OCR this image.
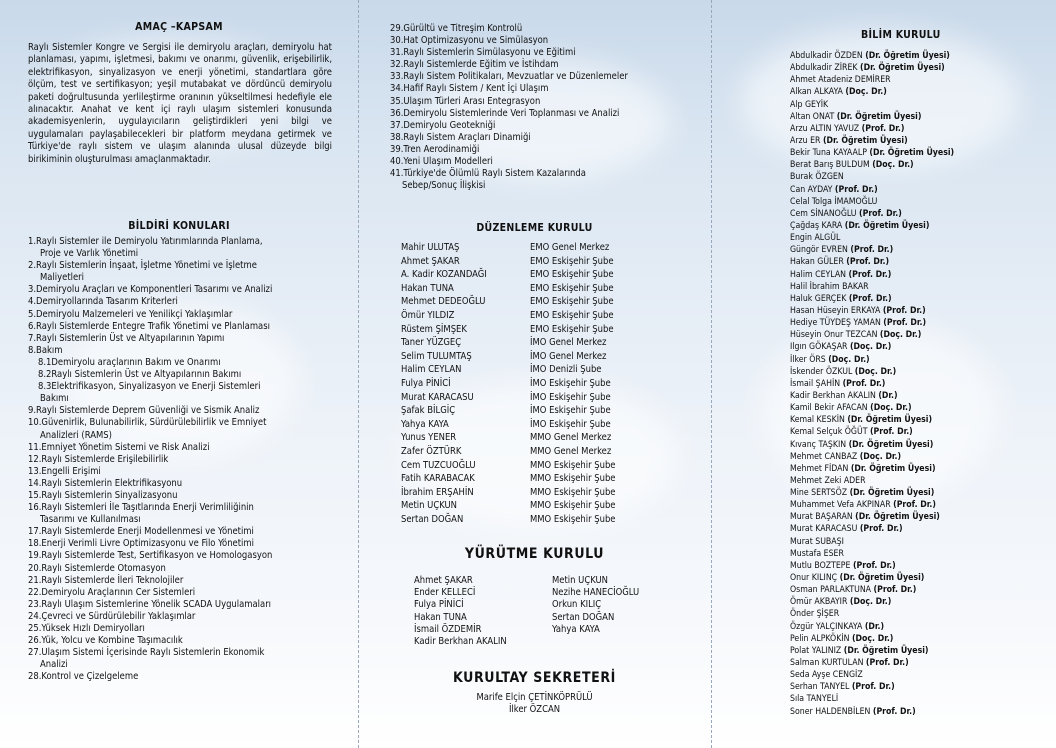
AMAÇ –KAPSAM
Raylı Sistemler Kongre ve Sergisi ile demiryolu araçları, demiryolu hat planlaması, yapımı, işletmesi, bakımı ve onarımı, güvenlik, erişebilirlik, elektrifikasyon, sinyalizasyon ve enerji yönetimi, standartlara göre ölçüm, test ve sertifikasyon; yeşil mutabakat ve dördüncü demiryolu paketi doğrultusunda yerlileştirme oranının yükseltilmesi hedefiyle ele alınacaktır. Anahat ve kent içi raylı ulaşım sistemleri konusunda akademisyenlerin, uygulayıcıların geliştirdikleri yeni bilgi ve uygulamaları paylaşabilecekleri bir platform meydana getirmek ve Türkiye'de raylı sistem ve ulaşım alanında ulusal düzeyde bilgi birikiminin oluşturulması amaçlanmaktadır.
BİLDİRİ KONULARI
1.Raylı Sistemler ile Demiryolu Yatırımlarında Planlama,
Proje ve Varlık Yönetimi
2.Raylı Sistemlerin İnşaat, İşletme Yönetimi ve İşletme
Maliyetleri
3.Demiryolu Araçları ve Komponentleri Tasarımı ve Analizi
4.Demiryollarında Tasarım Kriterleri
5.Demiryolu Malzemeleri ve Yenilikçi Yaklaşımlar
6.Raylı Sistemlerde Entegre Trafik Yönetimi ve Planlaması
7.Raylı Sistemlerin Üst ve Altyapılarının Yapımı
8.Bakım
8.1Demiryolu araçlarının Bakım ve Onarımı
8.2Raylı Sistemlerin Üst ve Altyapılarının Bakımı
8.3Elektrifikasyon, Sinyalizasyon ve Enerji Sistemleri
Bakımı
9.Raylı Sistemlerde Deprem Güvenliği ve Sismik Analiz
10.Güvenirlik, Bulunabilirlik, Sürdürülebilirlik ve Emniyet
Analizleri (RAMS)
11.Emniyet Yönetim Sistemi ve Risk Analizi
12.Raylı Sistemlerde Erişilebilirlik
13.Engelli Erişimi
14.Raylı Sistemlerin Elektrifikasyonu
15.Raylı Sistemlerin Sinyalizasyonu
16.Raylı Sistemleri İle Taşıtlarında Enerji Verimliliğinin
Tasarımı ve Kullanılması
17.Raylı Sistemlerde Enerji Modellenmesi ve Yönetimi
18.Enerji Verimli Livre Optimizasyonu ve Filo Yönetimi
19.Raylı Sistemlerde Test, Sertifikasyon ve Homologasyon
20.Raylı Sistemlerde Otomasyon
21.Raylı Sistemlerde İleri Teknolojiler
22.Demiryolu Araçlarının Cer Sistemleri
23.Raylı Ulaşım Sistemlerine Yönelik SCADA Uygulamaları
24.Çevreci ve Sürdürülebilir Yaklaşımlar
25.Yüksek Hızlı Demiryolları
26.Yük, Yolcu ve Kombine Taşımacılık
27.Ulaşım Sistemi İçerisinde Raylı Sistemlerin Ekonomik
Analizi
28.Kontrol ve Çizelgeleme
29.Gürültü ve Titreşim Kontrolü
30.Hat Optimizasyonu ve Simülasyon
31.Raylı Sistemlerin Simülasyonu ve Eğitimi
32.Raylı Sistemlerde Eğitim ve İstihdam
33.Raylı Sistem Politikaları, Mevzuatlar ve Düzenlemeler
34.Hafif Raylı Sistem / Kent İçi Ulaşım
35.Ulaşım Türleri Arası Entegrasyon
36.Demiryolu Sistemlerinde Veri Toplanması ve Analizi
37.Demiryolu Geotekniği
38.Raylı Sistem Araçları Dinamiği
39.Tren Aerodinamiği
40.Yeni Ulaşım Modelleri
41.Türkiye'de Ölümlü Raylı Sistem Kazalarında
Sebep/Sonuç İlişkisi
DÜZENLEME KURULU
Mahir ULUTAŞ	EMO Genel Merkez
Ahmet ŞAKAR	EMO Eskişehir Şube
A. Kadir KOZANDAĞI	EMO Eskişehir Şube
Hakan TUNA	EMO Eskişehir Şube
Mehmet DEDEOĞLU	EMO Eskişehir Şube
Ömür YILDIZ	EMO Eskişehir Şube
Rüstem ŞİMŞEK	EMO Eskişehir Şube
Taner YÜZGEÇ	İMO Genel Merkez
Selim TULUMTAŞ	İMO Genel Merkez
Halim CEYLAN	İMO Denizli Şube
Fulya PİNİCİ	İMO Eskişehir Şube
Murat KARACASU	İMO Eskişehir Şube
Şafak BİLGİÇ	İMO Eskişehir Şube
Yahya KAYA	İMO Eskişehir Şube
Yunus YENER	MMO Genel Merkez
Zafer ÖZTÜRK	MMO Genel Merkez
Cem TUZCUOĞLU	MMO Eskişehir Şube
Fatih KARABACAK	MMO Eskişehir Şube
İbrahim ERŞAHİN	MMO Eskişehir Şube
Metin UÇKUN	MMO Eskişehir Şube
Sertan DOĞAN	MMO Eskişehir Şube
YÜRÜTME KURULU
Ahmet ŞAKAR
Ender KELLECİ
Fulya PİNİCİ
Hakan TUNA
İsmail ÖZDEMİR
Kadir Berkhan AKALIN
Metin UÇKUN
Nezihe HANECİOĞLU
Orkun KILIÇ
Sertan DOĞAN
Yahya KAYA
KURULTAY SEKRETERİ
Marife Elçin ÇETİNKÖPRÜLÜ
İlker ÖZCAN
BİLİM KURULU
Abdulkadir ÖZDEN (Dr. Öğretim Üyesi)
Abdulkadir ZİREK (Dr. Öğretim Üyesi)
Ahmet Atadeniz DEMİRER
Alkan ALKAYA (Doç. Dr.)
Alp GEYİK
Altan ONAT (Dr. Öğretim Üyesi)
Arzu ALTIN YAVUZ (Prof. Dr.)
Arzu ER (Dr. Öğretim Üyesi)
Bekir Tuna KAYAALP (Dr. Öğretim Üyesi)
Berat Barış BULDUM (Doç. Dr.)
Burak ÖZGEN
Can AYDAY (Prof. Dr.)
Celal Tolga İMAMOĞLU
Cem SİNANOĞLU (Prof. Dr.)
Çağdaş KARA (Dr. Öğretim Üyesi)
Engin ALGÜL
Güngör EVREN (Prof. Dr.)
Hakan GÜLER (Prof. Dr.)
Halim CEYLAN (Prof. Dr.)
Halil İbrahim BAKAR
Haluk GERÇEK (Prof. Dr.)
Hasan Hüseyin ERKAYA (Prof. Dr.)
Hediye TÜYDEŞ YAMAN (Prof. Dr.)
Hüseyin Onur TEZCAN (Doç. Dr.)
Ilgın GÖKAŞAR (Doç. Dr.)
İlker ÖRS (Doç. Dr.)
İskender ÖZKUL (Doç. Dr.)
İsmail ŞAHİN (Prof. Dr.)
Kadir Berkhan AKALIN (Dr.)
Kamil Bekir AFACAN (Doç. Dr.)
Kemal KESKİN (Dr. Öğretim Üyesi)
Kemal Selçuk ÖĞÜT (Prof. Dr.)
Kıvanç TAŞKIN (Dr. Öğretim Üyesi)
Mehmet CANBAZ (Doç. Dr.)
Mehmet FİDAN (Dr. Öğretim Üyesi)
Mehmet Zeki ADER
Mine SERTSÖZ (Dr. Öğretim Üyesi)
Muhammet Vefa AKPINAR (Prof. Dr.)
Murat BAŞARAN (Dr. Öğretim Üyesi)
Murat KARACASU (Prof. Dr.)
Murat SUBAŞI
Mustafa ESER
Mutlu BOZTEPE (Prof. Dr.)
Onur KILINÇ (Dr. Öğretim Üyesi)
Osman PARLAKTUNA (Prof. Dr.)
Ömür AKBAYIR (Doç. Dr.)
Önder ŞİŞER
Özgür YALÇINKAYA (Dr.)
Pelin ALPKÖKİN (Doç. Dr.)
Polat YALINIZ (Dr. Öğretim Üyesi)
Salman KURTULAN (Prof. Dr.)
Seda Ayşe CENGİZ
Serhan TANYEL (Prof. Dr.)
Sıla TANYELİ
Soner HALDENBİLEN (Prof. Dr.)
